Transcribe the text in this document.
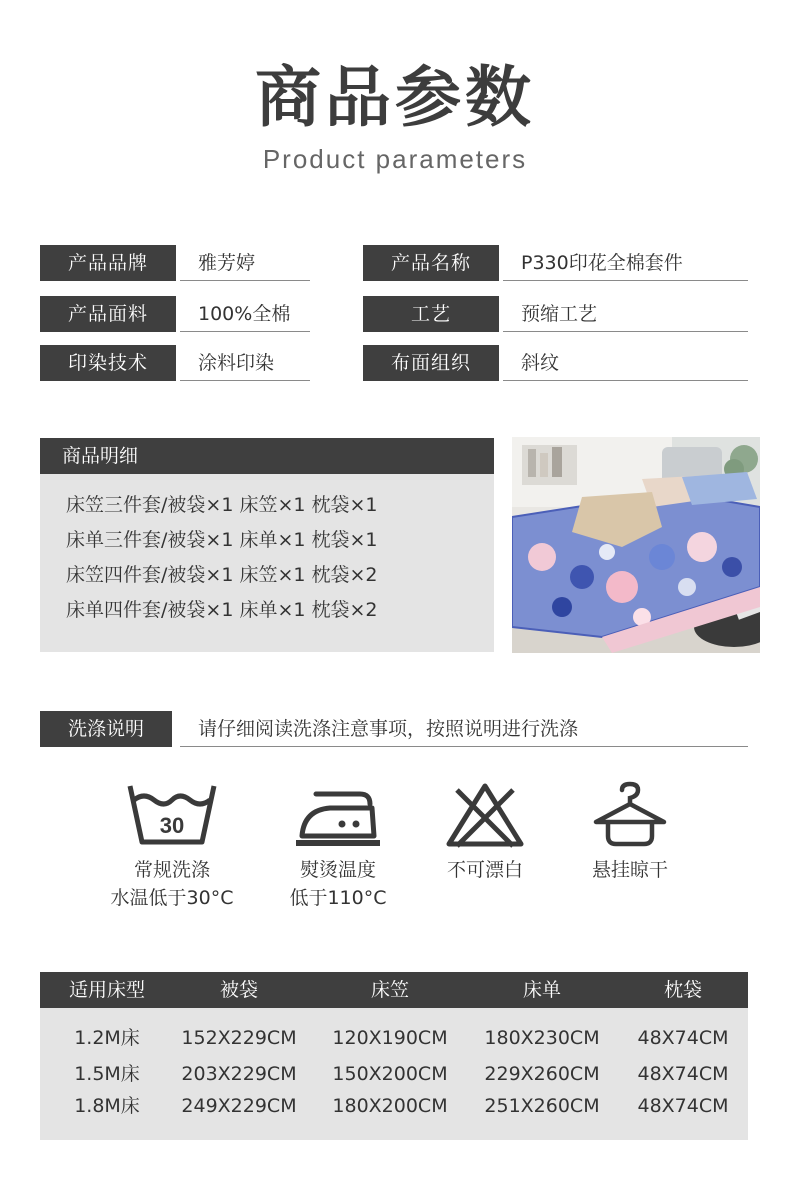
商品参数
Product parameters
产品品牌	雅芳婷	产品名称	P330印花全棉套件
产品面料	100%全棉	工艺	预缩工艺
印染技术	涂料印染	布面组织	斜纹
商品明细
床笠三件套/被袋×1 床笠×1 枕袋×1
床单三件套/被袋×1 床单×1 枕袋×1
床笠四件套/被袋×1 床笠×1 枕袋×2
床单四件套/被袋×1 床单×1 枕袋×2
洗涤说明	请仔细阅读洗涤注意事项，按照说明进行洗涤
30
常规洗涤
水温低于30°C
熨烫温度
低于110°C
不可漂白	悬挂晾干
适用床型	被袋	床笠	床单	枕袋
1.2M床	152X229CM	120X190CM	180X230CM	48X74CM
1.5M床	203X229CM	150X200CM	229X260CM	48X74CM
1.8M床	249X229CM	180X200CM	251X260CM	48X74CM
